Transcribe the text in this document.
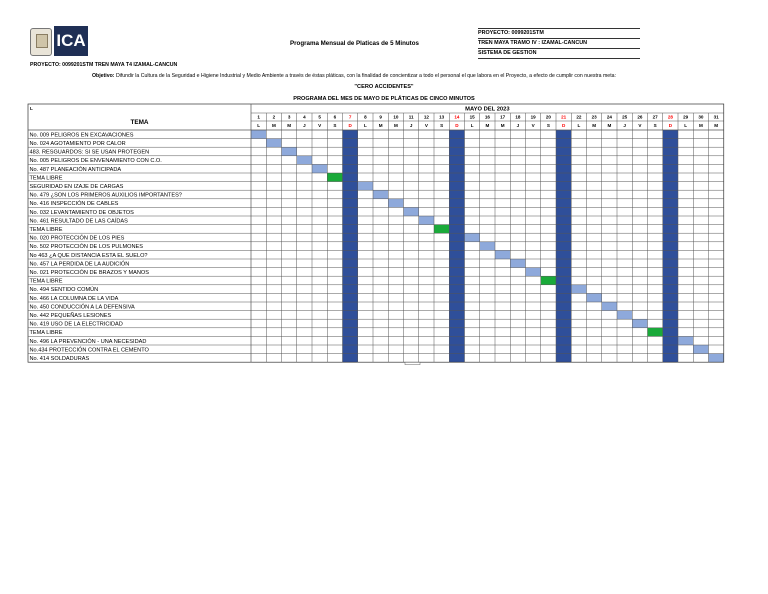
ICA	Programa Mensual de Platicas de 5 Minutos
PROYECTO: 0099201STM
TREN MAYA TRAMO IV : IZAMAL-CANCUN
SISTEMA DE GESTION
PROYECTO: 0099201STM TREN MAYA T4 IZAMAL-CANCUN
Objetivo: Difundir la Cultura de la Seguridad e Higiene Industrial y Medio Ambiente a través de éstas pláticas, con la finalidad de concientizar a todo el personal el que labora en el Proyecto, a efecto de cumplir con nuestra meta:
"CERO ACCIDENTES"
PROGRAMA DEL MES DE MAYO DE PLÁTICAS DE CINCO MINUTOS
No. 009 PELIGROS EN EXCAVACIONES
No. 024 AGOTAMIENTO POR CALOR
483. RESGUARDOS: SI SE USAN PROTEGEN
No. 005 PELIGROS DE ENVENAMIENTO CON C.O.
No. 487 PLANEACIÓN ANTICIPADA
TEMA LIBRE
SEGURIDAD EN IZAJE DE CARGAS
No. 479 ¿SON LOS PRIMEROS AUXILIOS IMPORTANTES?
No. 416 INSPECCIÓN DE CABLES
No. 032 LEVANTAMIENTO DE OBJETOS
No. 461 RESULTADO DE LAS CAÍDAS
TEMA LIBRE
No. 020 PROTECCIÓN DE LOS PIES
No. 502 PROTECCIÓN DE LOS PULMONES
No 463 ¿A QUE DISTANCIA ESTA EL SUELO?
No. 457 LA PERDIDA DE LA AUDICIÓN
No. 021 PROTECCIÓN DE BRAZOS Y MANOS
TEMA LIBRE
No. 494 SENTIDO COMÚN
No. 466 LA COLUMNA DE LA VIDA
No. 450 CONDUCCIÓN A LA DEFENSIVA
No. 442 PEQUEÑAS LESIONES
No. 419 USO DE LA ELECTRICIDAD
TEMA LIBRE
No. 496 LA PREVENCIÓN - UNA NECESIDAD
No.434 PROTECCIÓN CONTRA EL CEMENTO
No. 414 SOLDADURAS
L
TEMA
MAYO DEL 2023
1
L
2
M
3
M
4
J
5
V
6
S
7
D
8
L
9
M
10
M
11
J
12
V
13
S
14
D
15
L
16
M
17
M
18
J
19
V
20
S
21
D
22
L
23
M
24
M
25
J
26
V
27
S
28
D
29
L
30
M
31
M
